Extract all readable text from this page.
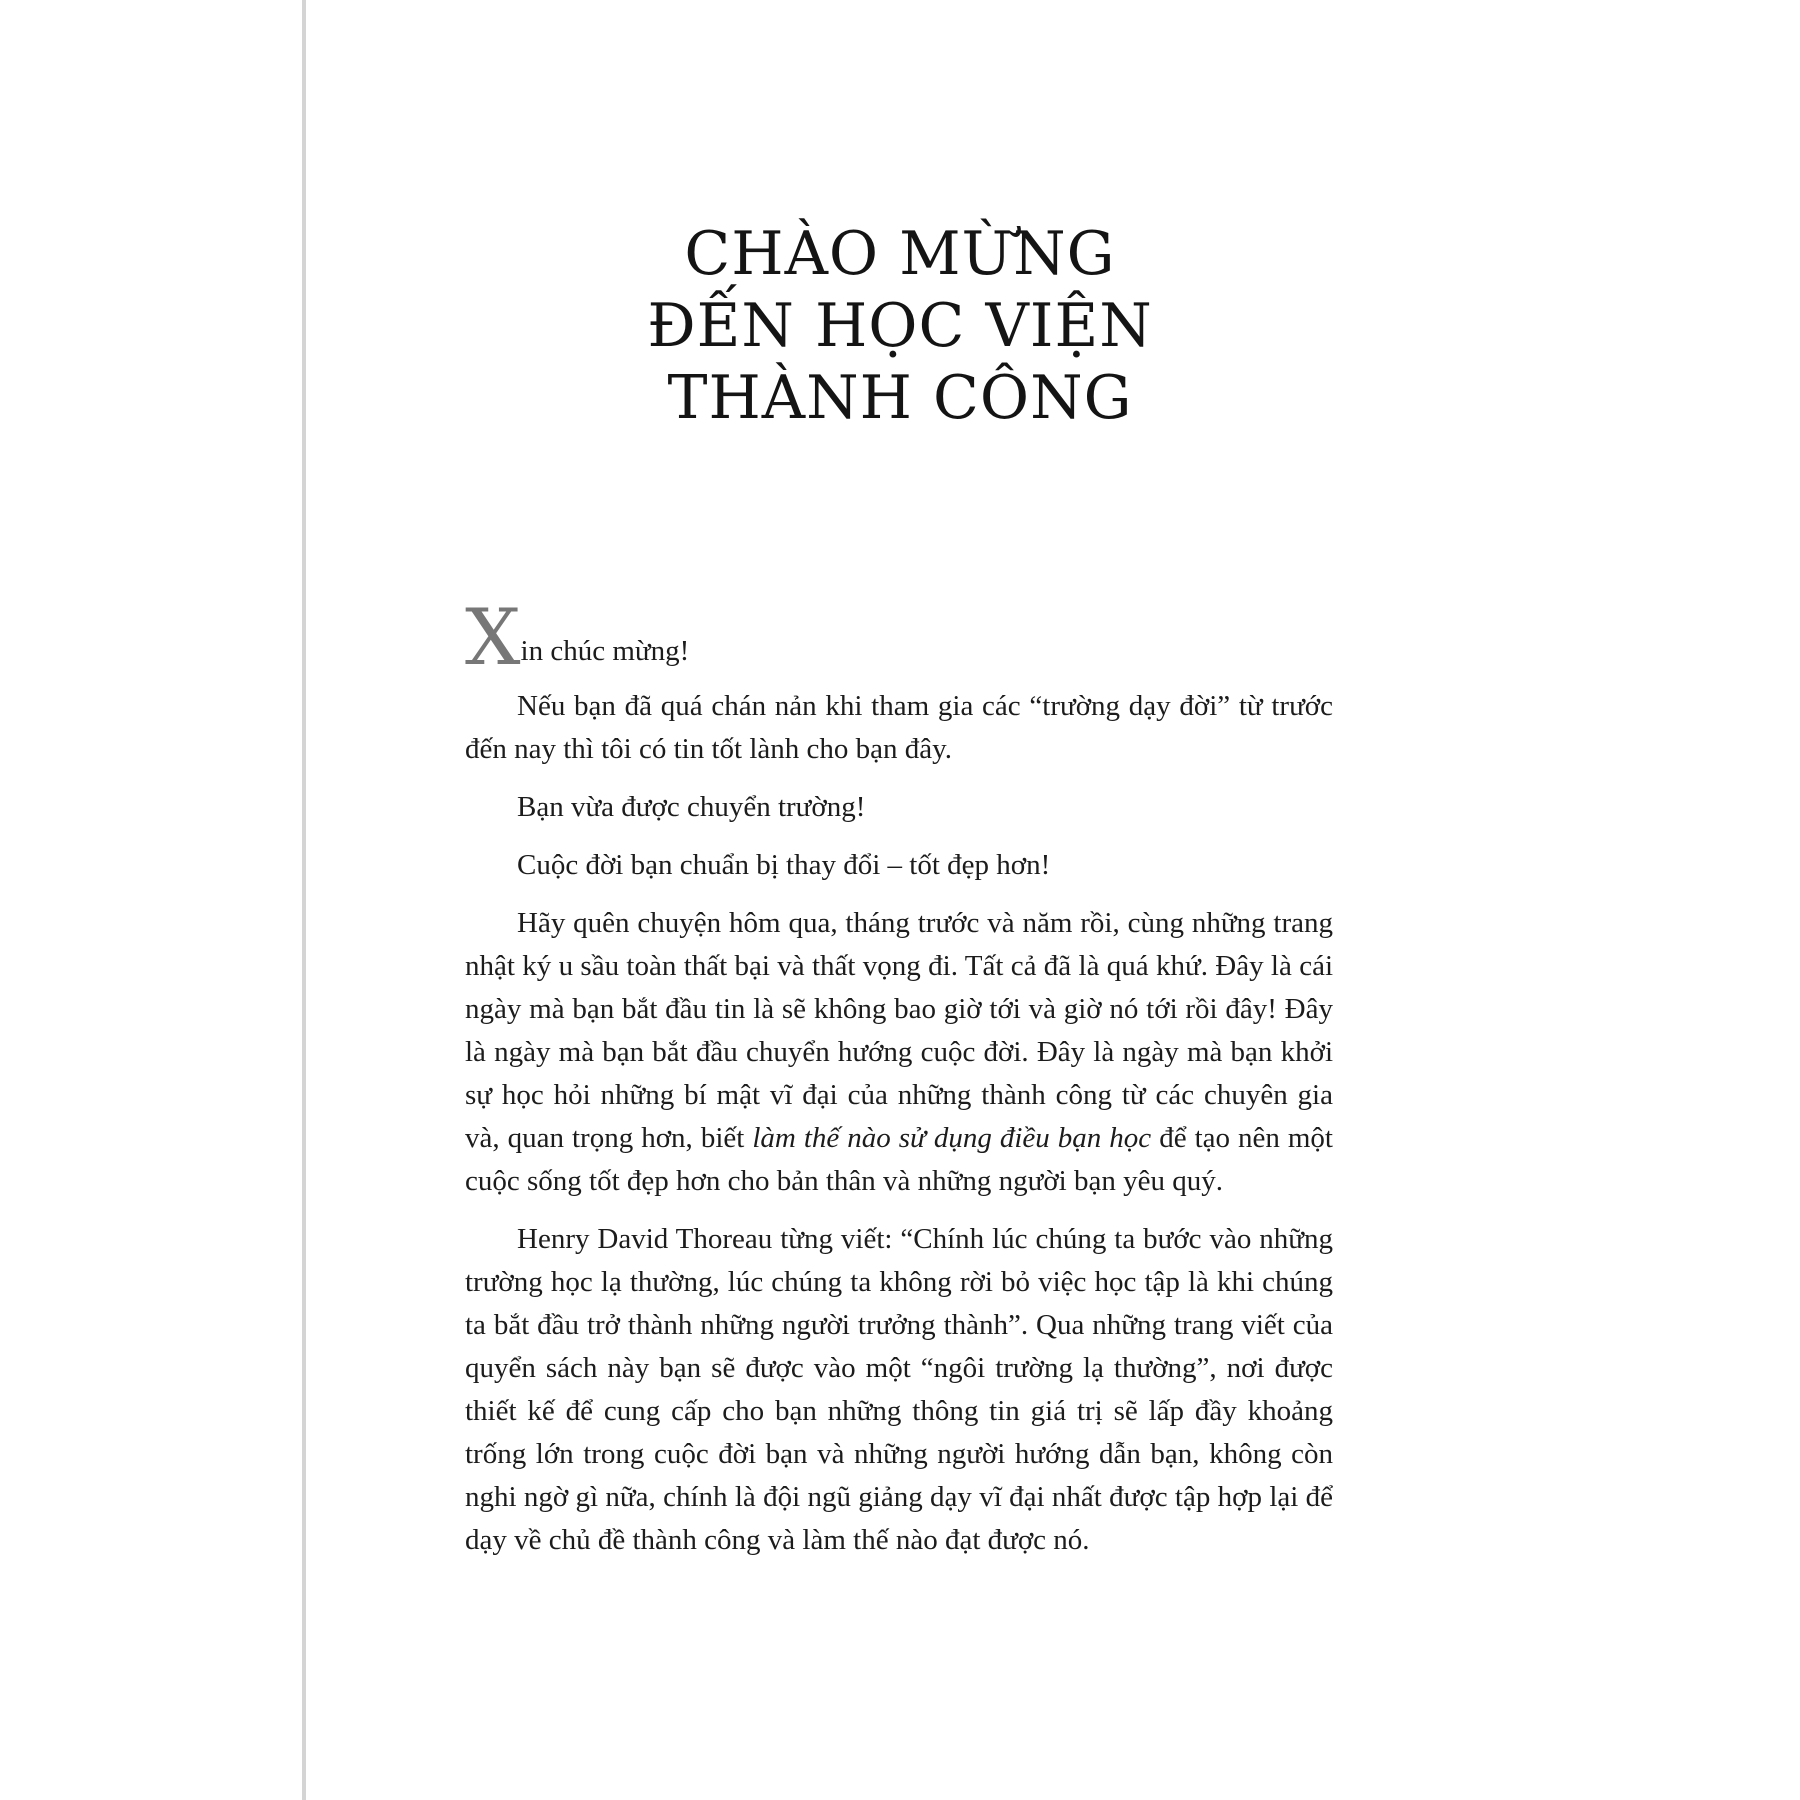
CHÀO MỪNG
ĐẾN HỌC VIỆN
THÀNH CÔNG

Xin chúc mừng!

Nếu bạn đã quá chán nản khi tham gia các “trường dạy đời” từ trước đến nay thì tôi có tin tốt lành cho bạn đây.

Bạn vừa được chuyển trường!

Cuộc đời bạn chuẩn bị thay đổi – tốt đẹp hơn!

Hãy quên chuyện hôm qua, tháng trước và năm rồi, cùng những trang nhật ký u sầu toàn thất bại và thất vọng đi. Tất cả đã là quá khứ. Đây là cái ngày mà bạn bắt đầu tin là sẽ không bao giờ tới và giờ nó tới rồi đây! Đây là ngày mà bạn bắt đầu chuyển hướng cuộc đời. Đây là ngày mà bạn khởi sự học hỏi những bí mật vĩ đại của những thành công từ các chuyên gia và, quan trọng hơn, biết làm thế nào sử dụng điều bạn học để tạo nên một cuộc sống tốt đẹp hơn cho bản thân và những người bạn yêu quý.

Henry David Thoreau từng viết: “Chính lúc chúng ta bước vào những trường học lạ thường, lúc chúng ta không rời bỏ việc học tập là khi chúng ta bắt đầu trở thành những người trưởng thành”. Qua những trang viết của quyển sách này bạn sẽ được vào một “ngôi trường lạ thường”, nơi được thiết kế để cung cấp cho bạn những thông tin giá trị sẽ lấp đầy khoảng trống lớn trong cuộc đời bạn và những người hướng dẫn bạn, không còn nghi ngờ gì nữa, chính là đội ngũ giảng dạy vĩ đại nhất được tập hợp lại để dạy về chủ đề thành công và làm thế nào đạt được nó.
